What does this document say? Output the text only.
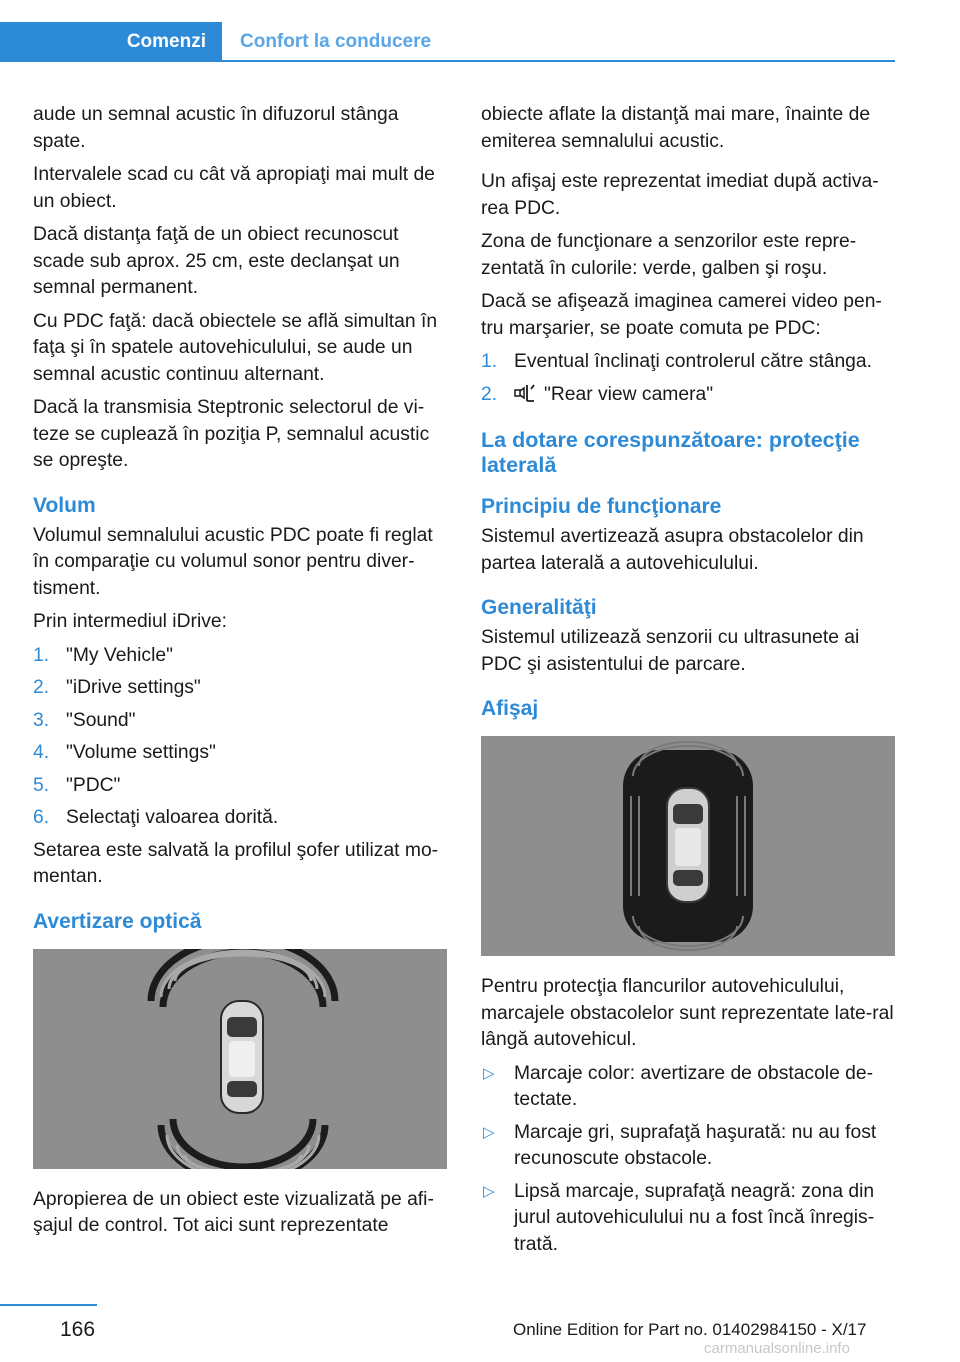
Comenzi	Confort la conducere

aude un semnal acustic în difuzorul stânga spate.

Intervalele scad cu cât vă apropiaţi mai mult de un obiect.

Dacă distanţa faţă de un obiect recunoscut scade sub aprox. 25 cm, este declanşat un semnal permanent.

Cu PDC faţă: dacă obiectele se află simultan în faţa şi în spatele autovehiculului, se aude un semnal acustic continuu alternant.

Dacă la transmisia Steptronic selectorul de vi‐teze se cuplează în poziţia P, semnalul acustic se opreşte.

Volum

Volumul semnalului acustic PDC poate fi reglat în comparaţie cu volumul sonor pentru diver‐tisment.

Prin intermediul iDrive:

1. "My Vehicle"
2. "iDrive settings"
3. "Sound"
4. "Volume settings"
5. "PDC"
6. Selectaţi valoarea dorită.

Setarea este salvată la profilul şofer utilizat mo‐mentan.

Avertizare optică

Apropierea de un obiect este vizualizată pe afi‐şajul de control. Tot aici sunt reprezentate

obiecte aflate la distanţă mai mare, înainte de emiterea semnalului acustic.

Un afişaj este reprezentat imediat după activa‐rea PDC.

Zona de funcţionare a senzorilor este repre‐zentată în culorile: verde, galben şi roşu.

Dacă se afişează imaginea camerei video pen‐tru marşarier, se poate comuta pe PDC:

1. Eventual înclinaţi controlerul către stânga.
2. "Rear view camera"
La dotare corespunzătoare: protecţie laterală
Principiu de funcţionare

Sistemul avertizează asupra obstacolelor din partea laterală a autovehiculului.

Generalităţi

Sistemul utilizează senzorii cu ultrasunete ai PDC şi asistentului de parcare.

Afişaj

Pentru protecţia flancurilor autovehiculului, marcajele obstacolelor sunt reprezentate late‐ral lângă autovehicul.

▷ Marcaje color: avertizare de obstacole de‐tectate.
▷ Marcaje gri, suprafaţă haşurată: nu au fost recunoscute obstacole.
▷ Lipsă marcaje, suprafaţă neagră: zona din jurul autovehiculului nu a fost încă înregis‐trată.
166	Online Edition for Part no. 01402984150 - X/17
carmanualsonline.info
